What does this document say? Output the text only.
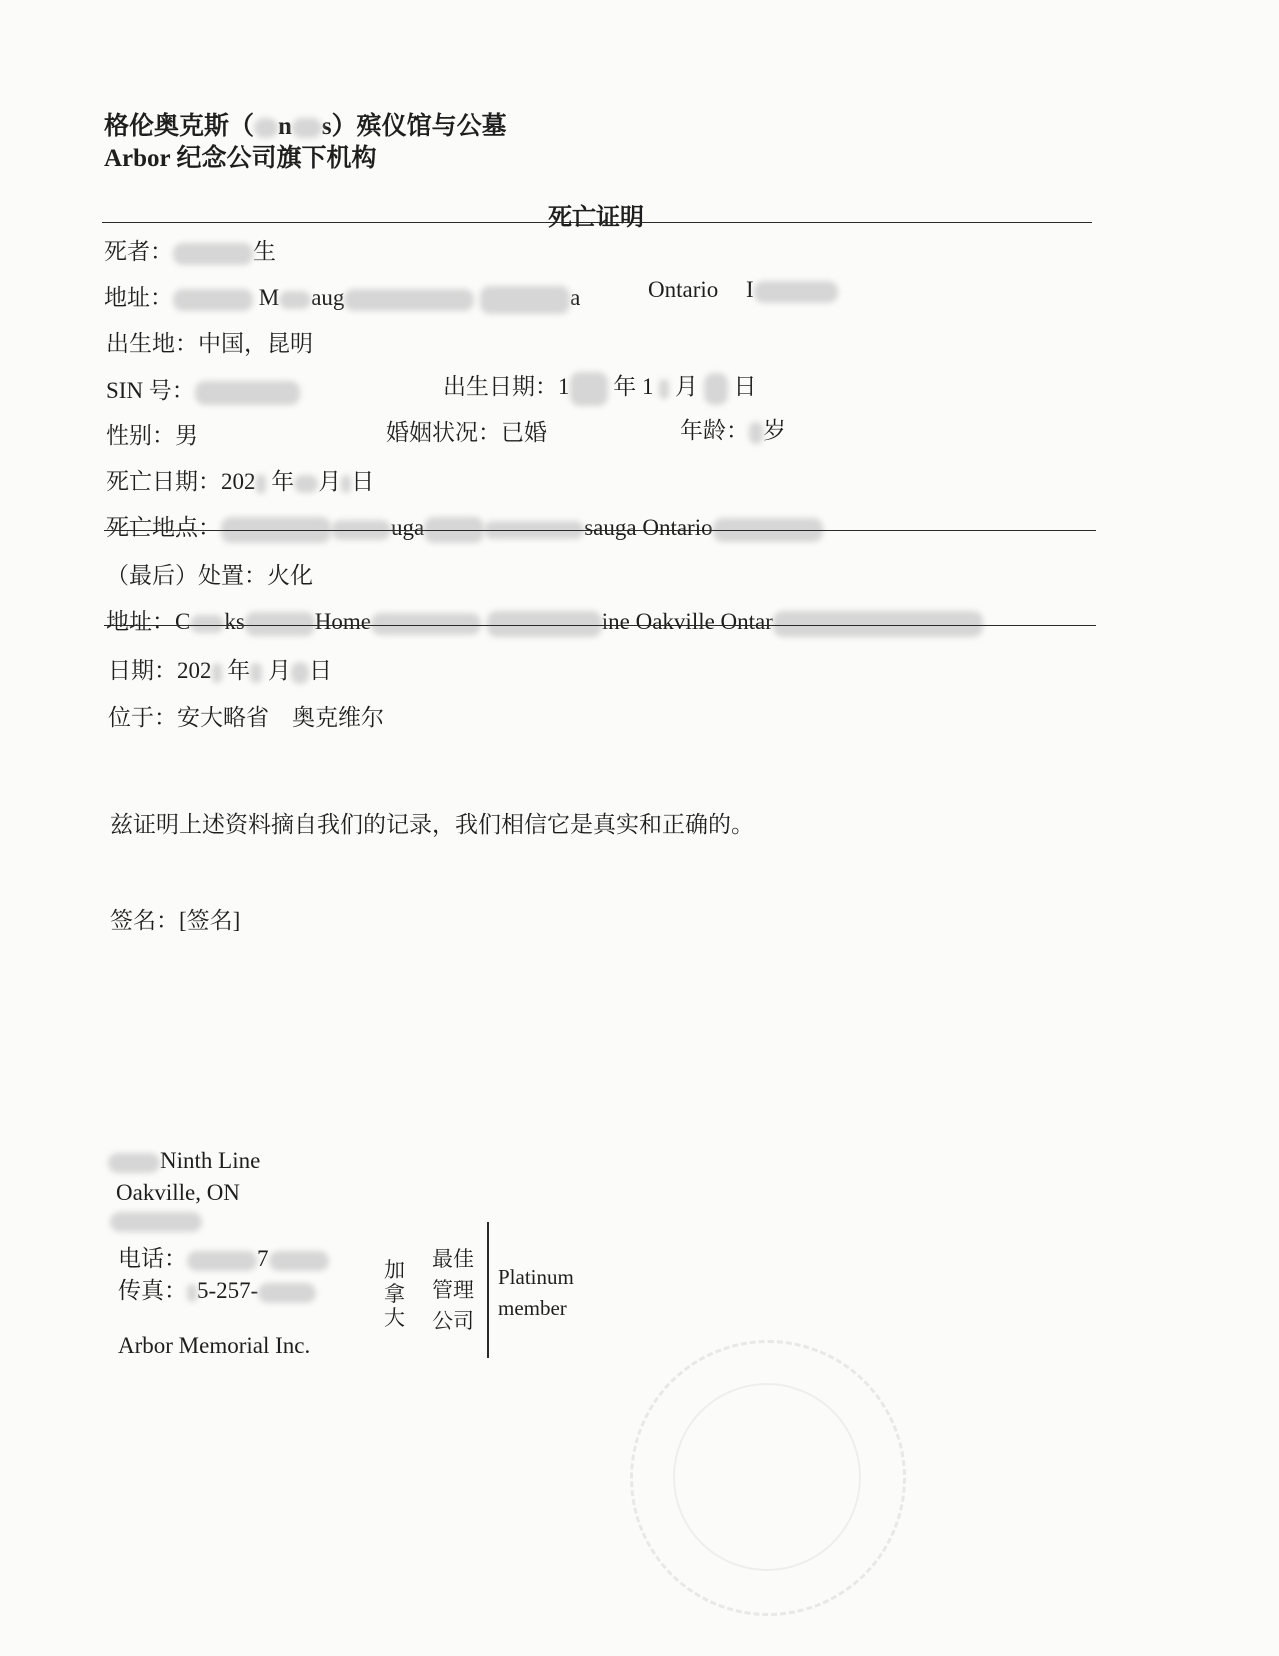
格伦奥克斯（ n s）殡仪馆与公墓
Arbor 纪念公司旗下机构
死亡证明
死者：	生
地址：	M aug	a	Ontario I
出生地：中国，昆明
SIN 号：	出生日期：1 年 1 月 日
性别：男	婚姻状况：已婚	年龄： 岁
死亡日期：202 年 月 日
死亡地点：	uga	sauga Ontario
（最后）处置：火化
地址：C ks	Home	ine Oakville Ontar
日期：202 年 月 日
位于：安大略省　奥克维尔
兹证明上述资料摘自我们的记录，我们相信它是真实和正确的。
签名：[签名]
Ninth Line
Oakville, ON
电话：	7
传真： 5-257-
Arbor Memorial Inc.
加
拿
大
最佳
管理
公司
Platinum
member
